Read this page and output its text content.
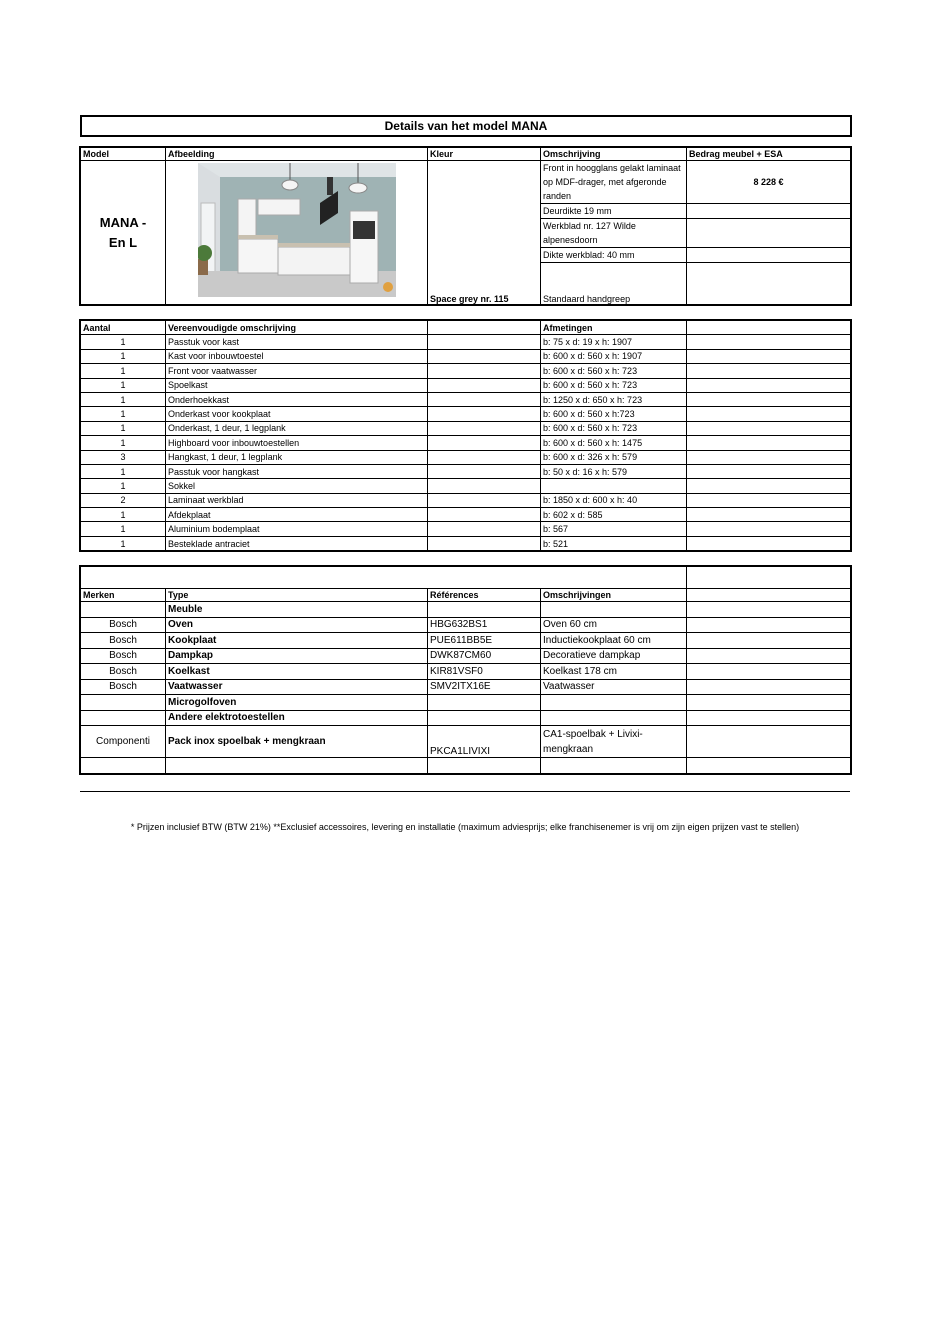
Details van het model MANA
Model	Afbeelding	Kleur	Omschrijving	Bedrag meubel + ESA

MANA -
En L		Space grey nr. 115	Front in hoogglans gelakt laminaat op MDF-drager, met afgeronde randen	8 228 €
			Deurdikte 19 mm	
			Werkblad nr. 127 Wilde alpenesdoorn	
			Dikte werkblad: 40 mm	
			Standaard handgreep	
Aantal	Vereenvoudigde omschrijving		Afmetingen	
1	Passtuk voor kast		b: 75 x d: 19 x h: 1907	
1	Kast voor inbouwtoestel		b: 600 x d: 560 x h: 1907	
1	Front voor vaatwasser		b: 600 x d: 560 x h: 723	
1	Spoelkast		b: 600 x d: 560 x h: 723	
1	Onderhoekkast		b: 1250 x d: 650 x h: 723	
1	Onderkast voor kookplaat		b: 600 x d: 560 x h:723	
1	Onderkast, 1 deur, 1 legplank		b: 600 x d: 560 x h: 723	
1	Highboard voor inbouwtoestellen		b: 600 x d: 560 x h: 1475	
3	Hangkast, 1 deur, 1 legplank		b: 600 x d: 326 x h: 579	
1	Passtuk voor hangkast		b: 50 x d: 16 x h: 579	
1	Sokkel			
2	Laminaat werkblad		b: 1850 x d: 600 x h: 40	
1	Afdekplaat		b: 602 x d: 585	
1	Aluminium bodemplaat		b: 567	
1	Besteklade antraciet		b: 521	

Merken	Type	Références	Omschrijvingen	
	Meuble			
Bosch	Oven	HBG632BS1	Oven 60 cm	
Bosch	Kookplaat	PUE611BB5E	Inductiekookplaat 60 cm	
Bosch	Dampkap	DWK87CM60	Decoratieve dampkap	
Bosch	Koelkast	KIR81VSF0	Koelkast 178 cm	
Bosch	Vaatwasser	SMV2ITX16E	Vaatwasser	
	Microgolfoven			
	Andere elektrotoestellen			
Componenti	Pack inox spoelbak + mengkraan	PKCA1LIVIXI	CA1-spoelbak + Livixi-
mengkraan	

* Prijzen inclusief BTW (BTW 21%) **Exclusief accessoires, levering en installatie (maximum adviesprijs; elke franchisenemer is vrij om zijn eigen prijzen vast te stellen)
